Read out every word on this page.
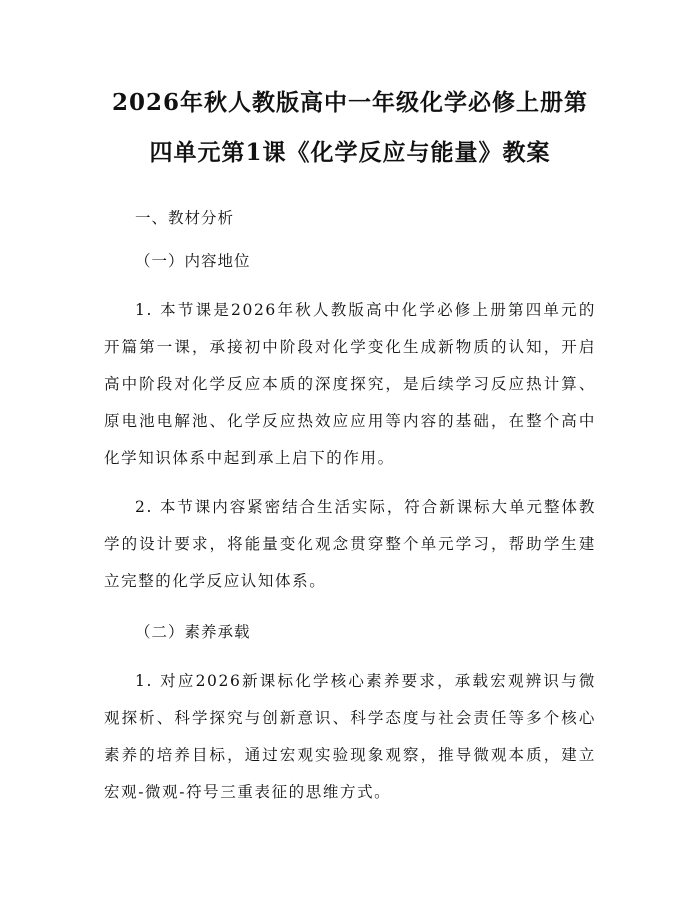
2026年秋人教版高中一年级化学必修上册第
四单元第1课《化学反应与能量》教案

一、教材分析

（一）内容地位

1. 本节课是2026年秋人教版高中化学必修上册第四单元的开篇第一课，承接初中阶段对化学变化生成新物质的认知，开启高中阶段对化学反应本质的深度探究，是后续学习反应热计算、原电池电解池、化学反应热效应应用等内容的基础，在整个高中化学知识体系中起到承上启下的作用。

2. 本节课内容紧密结合生活实际，符合新课标大单元整体教学的设计要求，将能量变化观念贯穿整个单元学习，帮助学生建立完整的化学反应认知体系。

（二）素养承载

1. 对应2026新课标化学核心素养要求，承载宏观辨识与微观探析、科学探究与创新意识、科学态度与社会责任等多个核心素养的培养目标，通过宏观实验现象观察，推导微观本质，建立宏观-微观-符号三重表征的思维方式。
